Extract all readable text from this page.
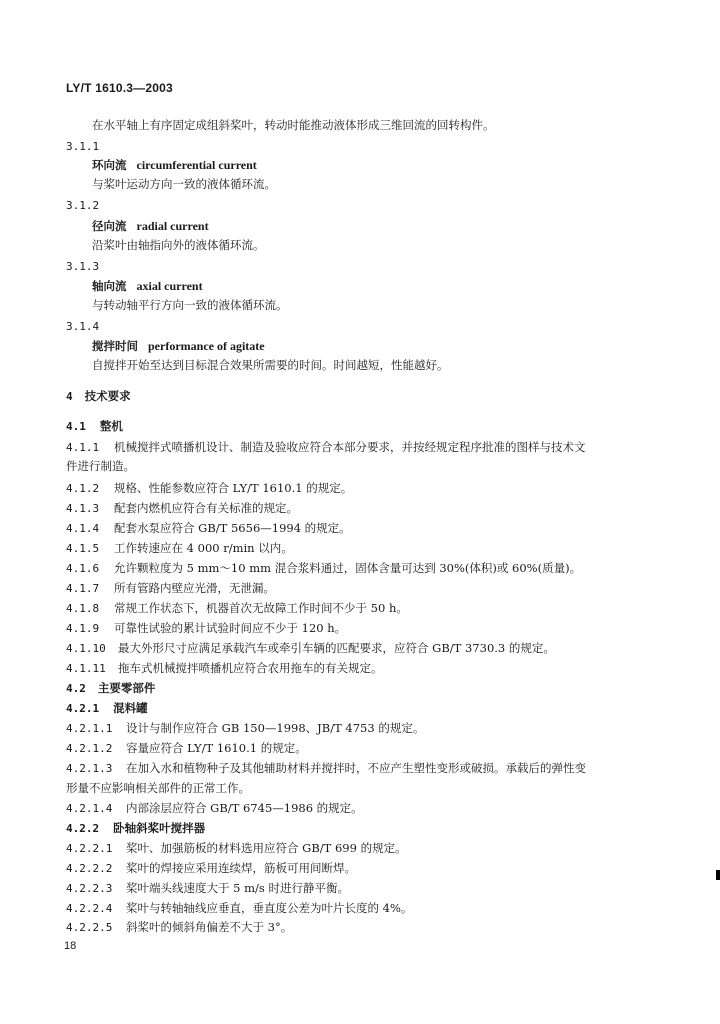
LY/T 1610.3—2003
在水平轴上有序固定成组斜桨叶，转动时能推动液体形成三维回流的回转构件。
3.1.1
环向流 circumferential current
与桨叶运动方向一致的液体循环流。
3.1.2
径向流 radial current
沿桨叶由轴指向外的液体循环流。
3.1.3
轴向流 axial current
与转动轴平行方向一致的液体循环流。
3.1.4
搅拌时间 performance of agitate
自搅拌开始至达到目标混合效果所需要的时间。时间越短，性能越好。
4 技术要求
4.1 整机
4.1.1 机械搅拌式喷播机设计、制造及验收应符合本部分要求，并按经规定程序批准的图样与技术文
件进行制造。
4.1.2 规格、性能参数应符合 LY/T 1610.1 的规定。
4.1.3 配套内燃机应符合有关标准的规定。
4.1.4 配套水泵应符合 GB/T 5656—1994 的规定。
4.1.5 工作转速应在 4 000 r/min 以内。
4.1.6 允许颗粒度为 5 mm～10 mm 混合浆料通过，固体含量可达到 30%(体积)或 60%(质量)。
4.1.7 所有管路内壁应光滑，无泄漏。
4.1.8 常规工作状态下，机器首次无故障工作时间不少于 50 h。
4.1.9 可靠性试验的累计试验时间应不少于 120 h。
4.1.10 最大外形尺寸应满足承载汽车或牵引车辆的匹配要求，应符合 GB/T 3730.3 的规定。
4.1.11 拖车式机械搅拌喷播机应符合农用拖车的有关规定。
4.2 主要零部件
4.2.1 混料罐
4.2.1.1 设计与制作应符合 GB 150—1998、JB/T 4753 的规定。
4.2.1.2 容量应符合 LY/T 1610.1 的规定。
4.2.1.3 在加入水和植物种子及其他辅助材料并搅拌时，不应产生塑性变形或破损。承载后的弹性变
形量不应影响相关部件的正常工作。
4.2.1.4 内部涂层应符合 GB/T 6745—1986 的规定。
4.2.2 卧轴斜桨叶搅拌器
4.2.2.1 桨叶、加强筋板的材料选用应符合 GB/T 699 的规定。
4.2.2.2 桨叶的焊接应采用连续焊，筋板可用间断焊。
4.2.2.3 桨叶端头线速度大于 5 m/s 时进行静平衡。
4.2.2.4 桨叶与转轴轴线应垂直，垂直度公差为叶片长度的 4%。
4.2.2.5 斜桨叶的倾斜角偏差不大于 3°。
18
